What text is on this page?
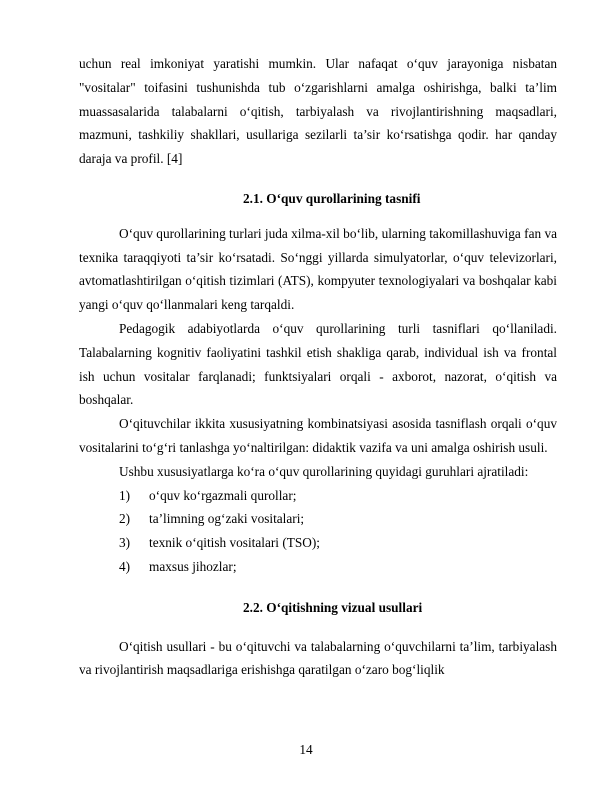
uchun real imkoniyat yaratishi mumkin. Ular nafaqat o‘quv jarayoniga nisbatan "vositalar" toifasini tushunishda tub o‘zgarishlarni amalga oshirishga, balki ta’lim muassasalarida talabalarni o‘qitish, tarbiyalash va rivojlantirishning maqsadlari, mazmuni, tashkiliy shakllari, usullariga sezilarli ta’sir ko‘rsatishga qodir. har qanday daraja va profil. [4]

2.1. O‘quv qurollarining tasnifi

O‘quv qurollarining turlari juda xilma-xil bo‘lib, ularning takomillashuviga fan va texnika taraqqiyoti ta’sir ko‘rsatadi. So‘nggi yillarda simulyatorlar, o‘quv televizorlari, avtomatlashtirilgan o‘qitish tizimlari (ATS), kompyuter texnologiyalari va boshqalar kabi yangi o‘quv qo‘llanmalari keng tarqaldi.

Pedagogik adabiyotlarda o‘quv qurollarining turli tasniflari qo‘llaniladi. Talabalarning kognitiv faoliyatini tashkil etish shakliga qarab, individual ish va frontal ish uchun vositalar farqlanadi; funktsiyalari orqali - axborot, nazorat, o‘qitish va boshqalar.

O‘qituvchilar ikkita xususiyatning kombinatsiyasi asosida tasniflash orqali o‘quv vositalarini to‘g‘ri tanlashga yo‘naltirilgan: didaktik vazifa va uni amalga oshirish usuli.

Ushbu xususiyatlarga ko‘ra o‘quv qurollarining quyidagi guruhlari ajratiladi:

1) o‘quv ko‘rgazmali qurollar;
2) ta’limning og‘zaki vositalari;
3) texnik o‘qitish vositalari (TSO);
4) maxsus jihozlar;

2.2. O‘qitishning vizual usullari

O‘qitish usullari - bu o‘qituvchi va talabalarning o‘quvchilarni ta’lim, tarbiyalash va rivojlantirish maqsadlariga erishishga qaratilgan o‘zaro bog‘liqlik

14
